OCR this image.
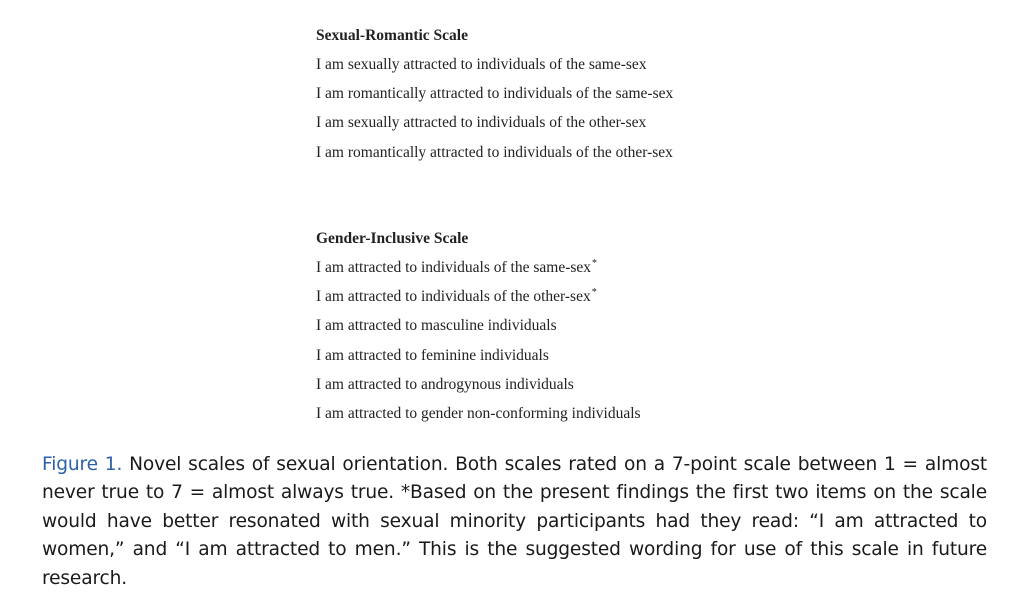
Sexual-Romantic Scale
I am sexually attracted to individuals of the same-sex
I am romantically attracted to individuals of the same-sex
I am sexually attracted to individuals of the other-sex
I am romantically attracted to individuals of the other-sex
Gender-Inclusive Scale
I am attracted to individuals of the same-sex*
I am attracted to individuals of the other-sex*
I am attracted to masculine individuals
I am attracted to feminine individuals
I am attracted to androgynous individuals
I am attracted to gender non-conforming individuals
Figure 1. Novel scales of sexual orientation. Both scales rated on a 7-point scale between 1 = almost never true to 7 = almost always true. *Based on the present findings the first two items on the scale would have better resonated with sexual minority participants had they read: “I am attracted to women,” and “I am attracted to men.” This is the suggested wording for use of this scale in future research.
